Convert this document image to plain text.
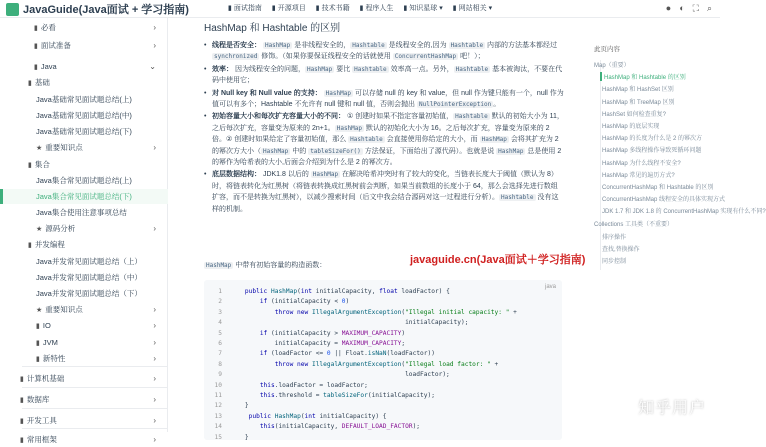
JavaGuide(Java面试 + 学习指南)	▮ 面试指南 ▮ 开源项目 ▮ 技术书籍 ▮ 程序人生 ▮ 知识星球 ▾ ▮ 网站相关 ▾	● ◐ ⛶ ⌕
▮ 必看	›
▮ 面试准备	›
▮ Java	⌄
▮ 基础
Java基础常见面试题总结(上)
Java基础常见面试题总结(中)
Java基础常见面试题总结(下)
★ 重要知识点	›
▮ 集合
Java集合常见面试题总结(上)
Java集合常见面试题总结(下)
Java集合使用注意事项总结
★ 源码分析	›
▮ 并发编程
Java并发常见面试题总结（上）
Java并发常见面试题总结（中）
Java并发常见面试题总结（下）
★ 重要知识点	›
▮ IO	›
▮ JVM	›
▮ 新特性	›
▮ 计算机基础	›
▮ 数据库	›
▮ 开发工具	›
▮ 常用框架	›
HashMap 和 Hashtable 的区别
• 线程是否安全： HashMap 是非线程安全的， Hashtable 是线程安全的,因为 Hashtable 内部的方法基本都经过 synchronized 修饰。（如果你要保证线程安全的话就使用 ConcurrentHashMap 吧！）；
• 效率： 因为线程安全的问题， HashMap 要比 Hashtable 效率高一点。另外， Hashtable 基本被淘汰，不要在代码中使用它；
• 对 Null key 和 Null value 的支持： HashMap 可以存储 null 的 key 和 value，但 null 作为键只能有一个，null 作为值可以有多个；Hashtable 不允许有 null 键和 null 值，否则会抛出 NullPointerException 。
• 初始容量大小和每次扩充容量大小的不同： ① 创建时如果不指定容量初始值， Hashtable 默认的初始大小为 11，之后每次扩充，容量变为原来的 2n+1。 HashMap 默认的初始化大小为 16。之后每次扩充，容量变为原来的 2 倍。② 创建时如果给定了容量初始值，那么 Hashtable 会直接使用你给定的大小，而 HashMap 会将其扩充为 2 的幂次方大小（ HashMap 中的 tableSizeFor() 方法保证，下面给出了源代码）。也就是说 HashMap 总是使用 2 的幂作为哈希表的大小,后面会介绍到为什么是 2 的幂次方。
• 底层数据结构： JDK1.8 以后的 HashMap 在解决哈希冲突时有了较大的变化，当链表长度大于阈值（默认为 8）时，将链表转化为红黑树（将链表转换成红黑树前会判断，如果当前数组的长度小于 64，那么会选择先进行数组扩容，而不是转换为红黑树），以减少搜索时间（后文中我会结合源码对这一过程进行分析）。 Hashtable 没有这样的机制。
HashMap 中带有初始容量的构造函数：	javaguide.cn(Java面试＋学习指南)
java
1	public HashMap(int initialCapacity, float loadFactor) {
2	if (initialCapacity < 0)
3	throw new IllegalArgumentException("Illegal initial capacity: " +
4                                               initialCapacity);
5	if (initialCapacity > MAXIMUM_CAPACITY)
6            initialCapacity = MAXIMUM_CAPACITY;
7	if (loadFactor <= 0 || Float.isNaN(loadFactor))
8	throw new IllegalArgumentException("Illegal load factor: " +
9                                               loadFactor);
10	this.loadFactor = loadFactor;
11	this.threshold = tableSizeFor(initialCapacity);
12    }
13	public HashMap(int initialCapacity) {
14	this(initialCapacity, DEFAULT_LOAD_FACTOR);
15    }
此页内容
Map（重要）
HashMap 和 Hashtable 的区别
HashMap 和 HashSet 区别
HashMap 和 TreeMap 区别
HashSet 如何检查重复?
HashMap 的底层实现
HashMap 的长度为什么是 2 的幂次方
HashMap 多线程操作导致死循环问题
HashMap 为什么线程不安全?
HashMap 常见的遍历方式?
ConcurrentHashMap 和 Hashtable 的区别
ConcurrentHashMap 线程安全的具体实现方式
JDK 1.7 和 JDK 1.8 的 ConcurrentHashMap 实现有什么不同?
Collections 工具类（不重要）
排序操作
查找,替换操作
同步控制
知乎用户
